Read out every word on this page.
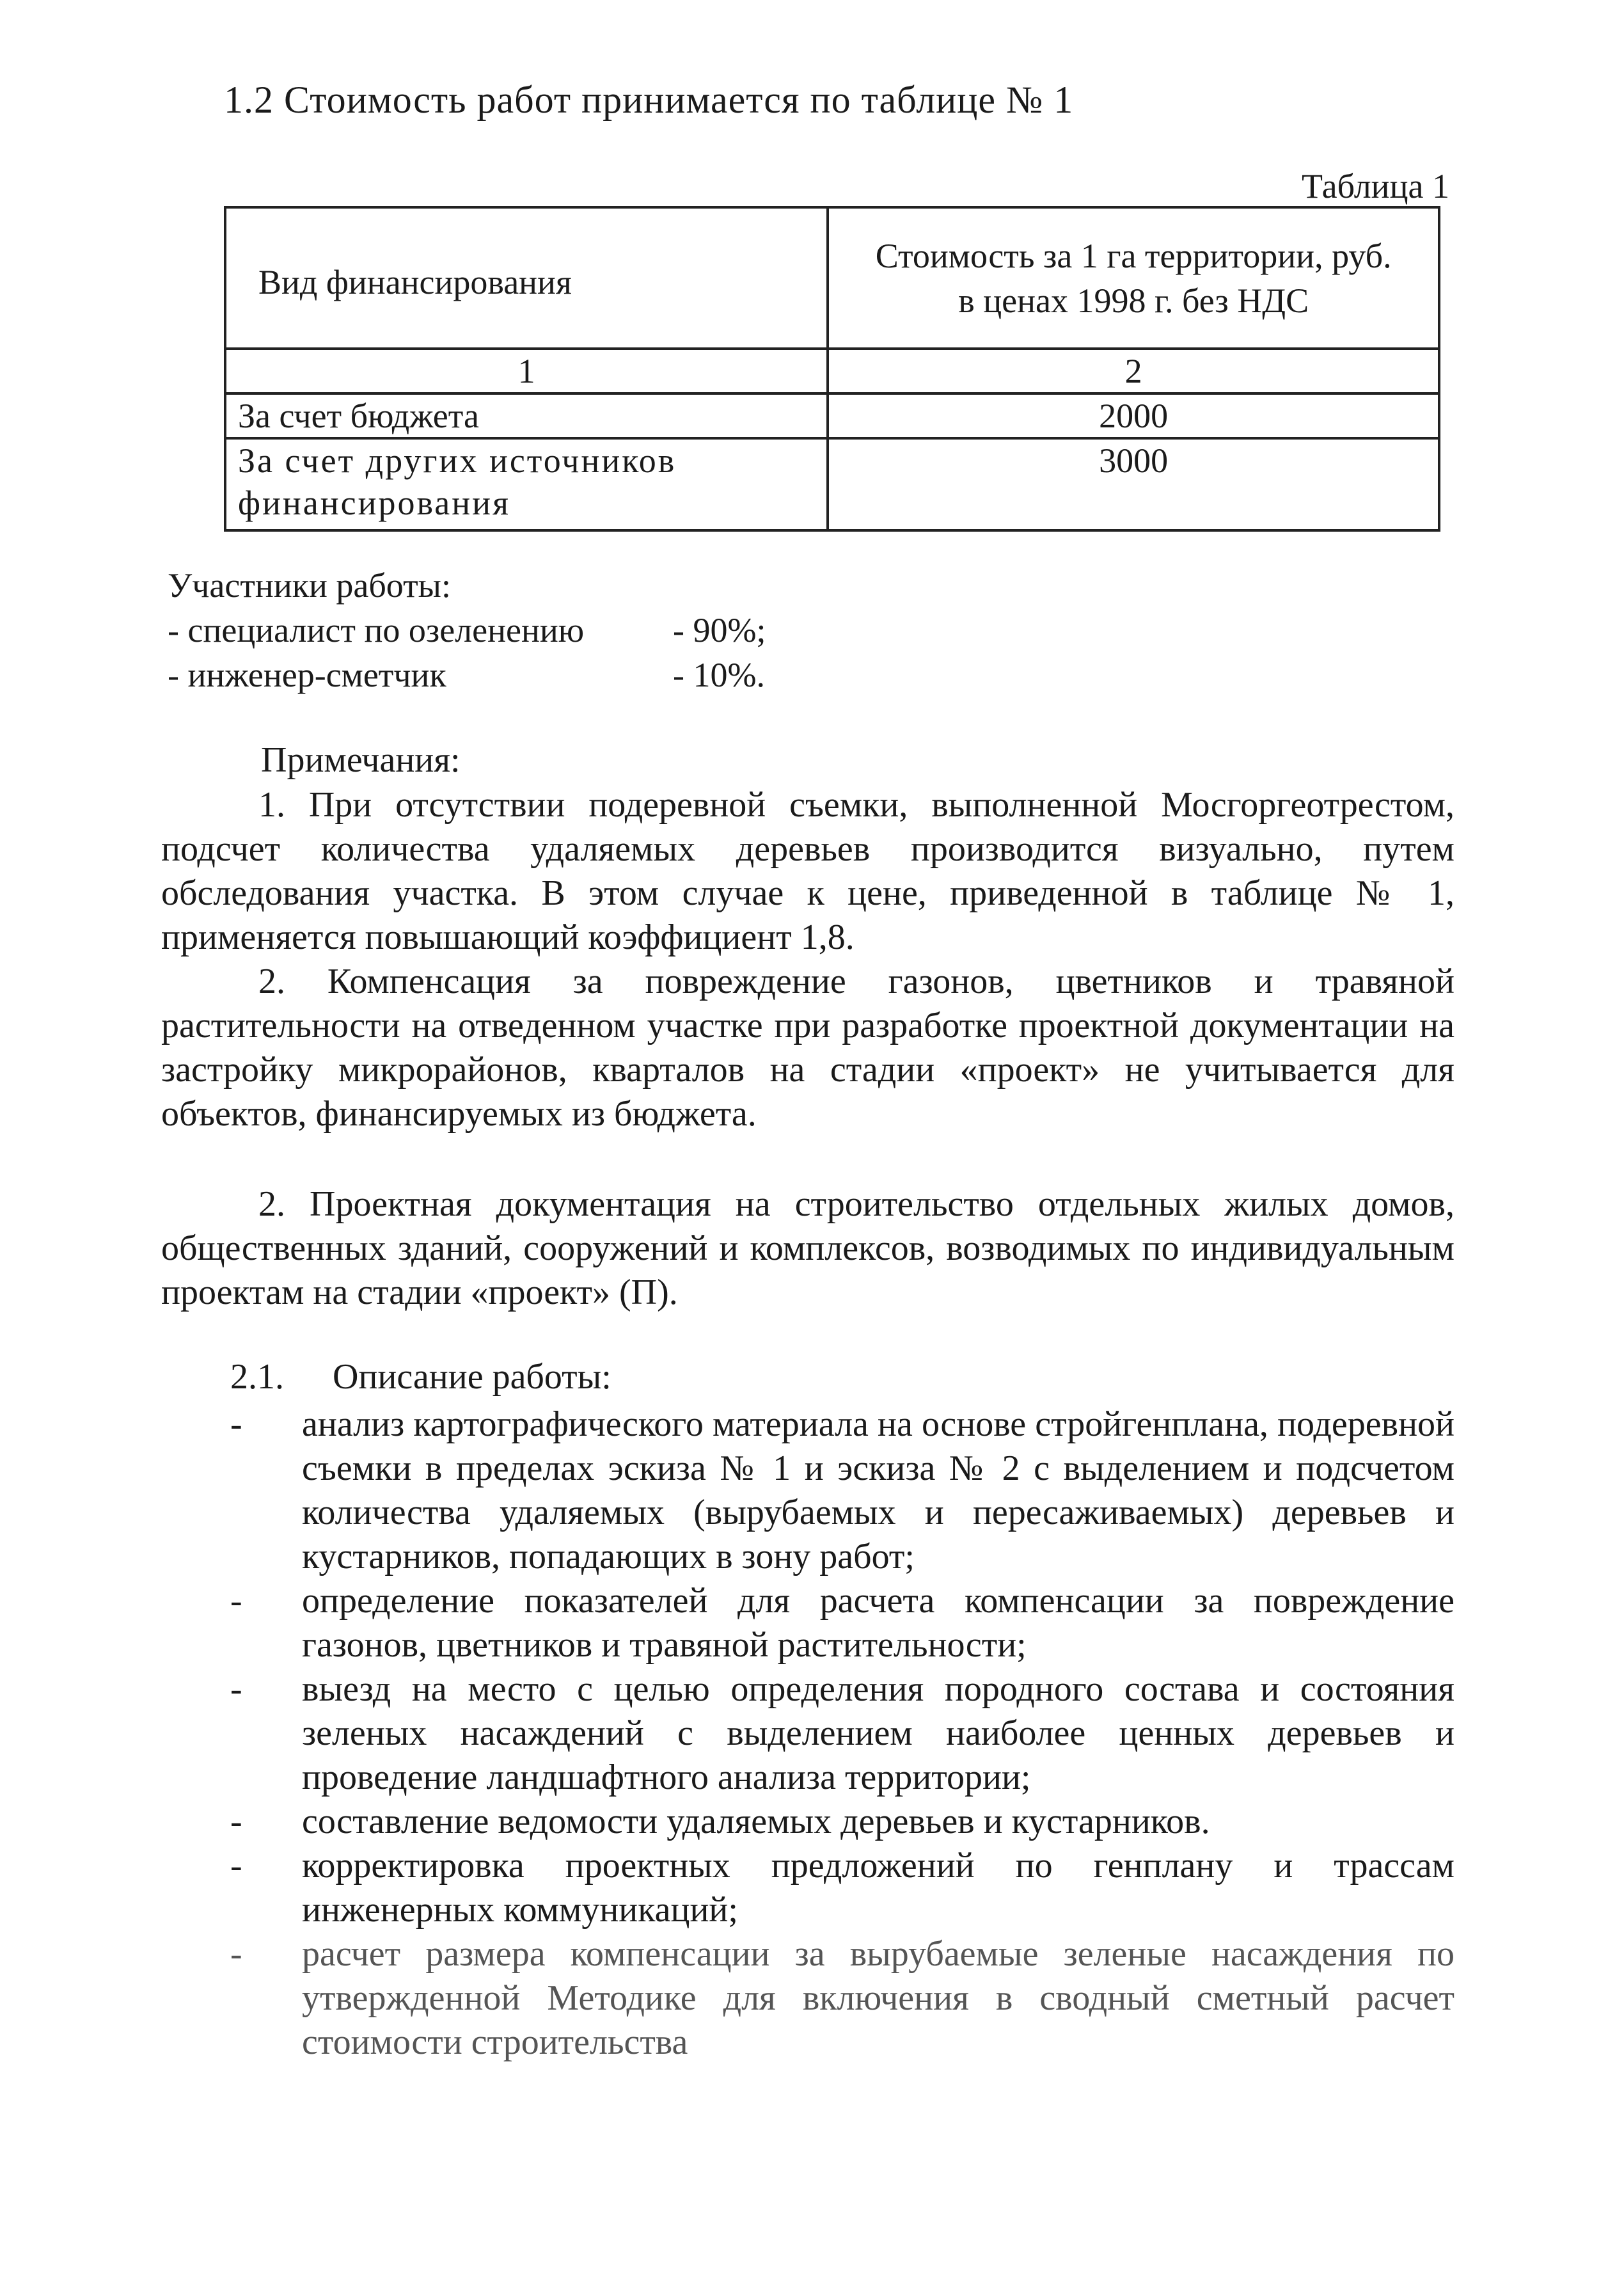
1.2 Стоимость работ принимается по таблице № 1
Таблица 1
Вид финансирования	Стоимость за 1 га территории, руб.
в ценах 1998 г. без НДС

1	2
За счет бюджета	2000

За счет других источников
финансирования	3000
Участники работы:
- специалист по озеленению	- 90%;
- инженер-сметчик	- 10%.
Примечания:

1. При отсутствии подеревной съемки, выполненной Мосгоргеотрестом, подсчет количества удаляемых деревьев производится визуально, путем обследования участка. В этом случае к цене, приведенной в таблице № 1, применяется повышающий коэффициент 1,8.

2. Компенсация за повреждение газонов, цветников и травяной растительности на отведенном участке при разработке проектной документации на застройку микрорайонов, кварталов на стадии «проект» не учитывается для объектов, финансируемых из бюджета.

2. Проектная документация на строительство отдельных жилых домов, общественных зданий, сооружений и комплексов, возводимых по индивидуальным проектам на стадии «проект» (П).

2.1. Описание работы:
- анализ картографического материала на основе стройгенплана, подеревной съемки в пределах эскиза № 1 и эскиза № 2 с выделением и подсчетом количества удаляемых (вырубаемых и пересаживаемых) деревьев и кустарников, попадающих в зону работ;
- определение показателей для расчета компенсации за повреждение газонов, цветников и травяной растительности;
- выезд на место с целью определения породного состава и состояния зеленых насаждений с выделением наиболее ценных деревьев и проведение ландшафтного анализа территории;
- составление ведомости удаляемых деревьев и кустарников.
- корректировка проектных предложений по генплану и трассам инженерных коммуникаций;
- расчет размера компенсации за вырубаемые зеленые насаждения по утвержденной Методике для включения в сводный сметный расчет стоимости строительства
